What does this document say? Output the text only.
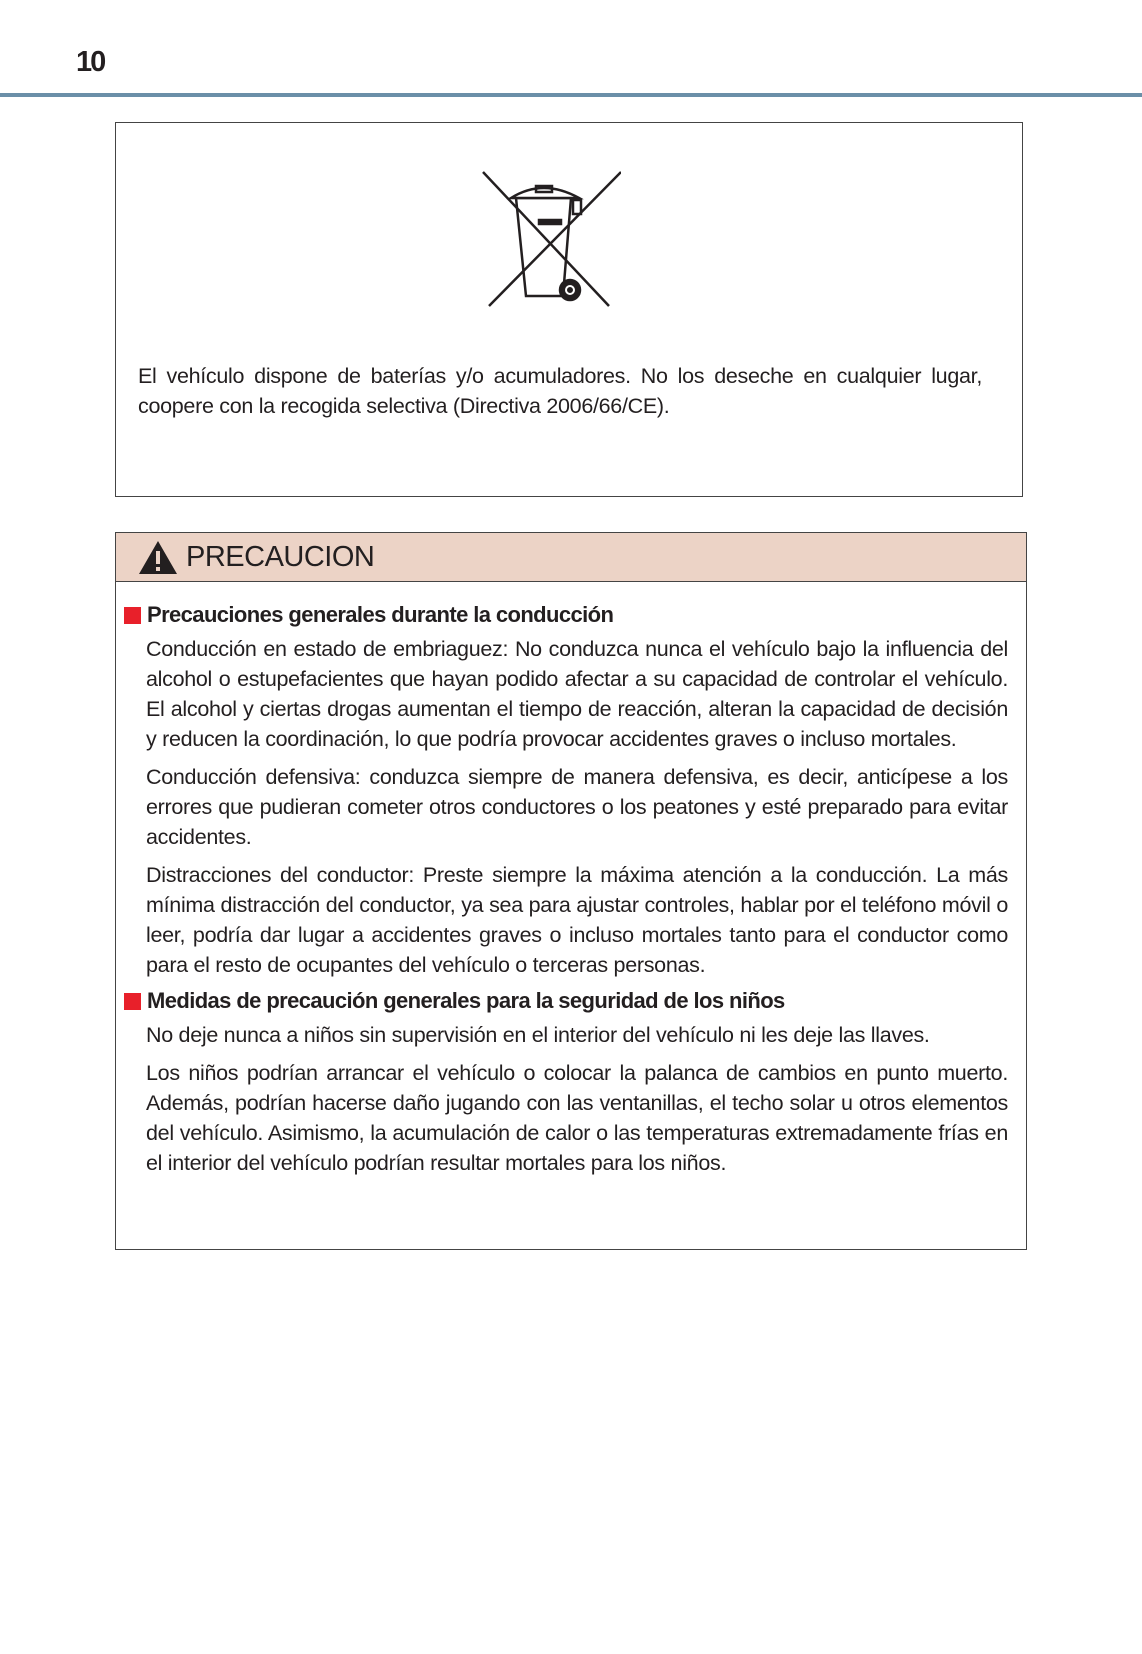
10

El vehículo dispone de baterías y/o acumuladores. No los deseche en cualquier lugar, coopere con la recogida selectiva (Directiva 2006/66/CE).

PRECAUCION
Precauciones generales durante la conducción

Conducción en estado de embriaguez: No conduzca nunca el vehículo bajo la influencia del alcohol o estupefacientes que hayan podido afectar a su capacidad de controlar el vehículo. El alcohol y ciertas drogas aumentan el tiempo de reacción, alteran la capacidad de decisión y reducen la coordinación, lo que podría provocar accidentes graves o incluso mortales.

Conducción defensiva: conduzca siempre de manera defensiva, es decir, anticípese a los errores que pudieran cometer otros conductores o los peatones y esté preparado para evitar accidentes.

Distracciones del conductor: Preste siempre la máxima atención a la conducción. La más mínima distracción del conductor, ya sea para ajustar controles, hablar por el teléfono móvil o leer, podría dar lugar a accidentes graves o incluso mortales tanto para el conductor como para el resto de ocupantes del vehículo o terceras personas.

Medidas de precaución generales para la seguridad de los niños

No deje nunca a niños sin supervisión en el interior del vehículo ni les deje las llaves.

Los niños podrían arrancar el vehículo o colocar la palanca de cambios en punto muerto. Además, podrían hacerse daño jugando con las ventanillas, el techo solar u otros elementos del vehículo. Asimismo, la acumulación de calor o las temperaturas extremadamente frías en el interior del vehículo podrían resultar mortales para los niños.
